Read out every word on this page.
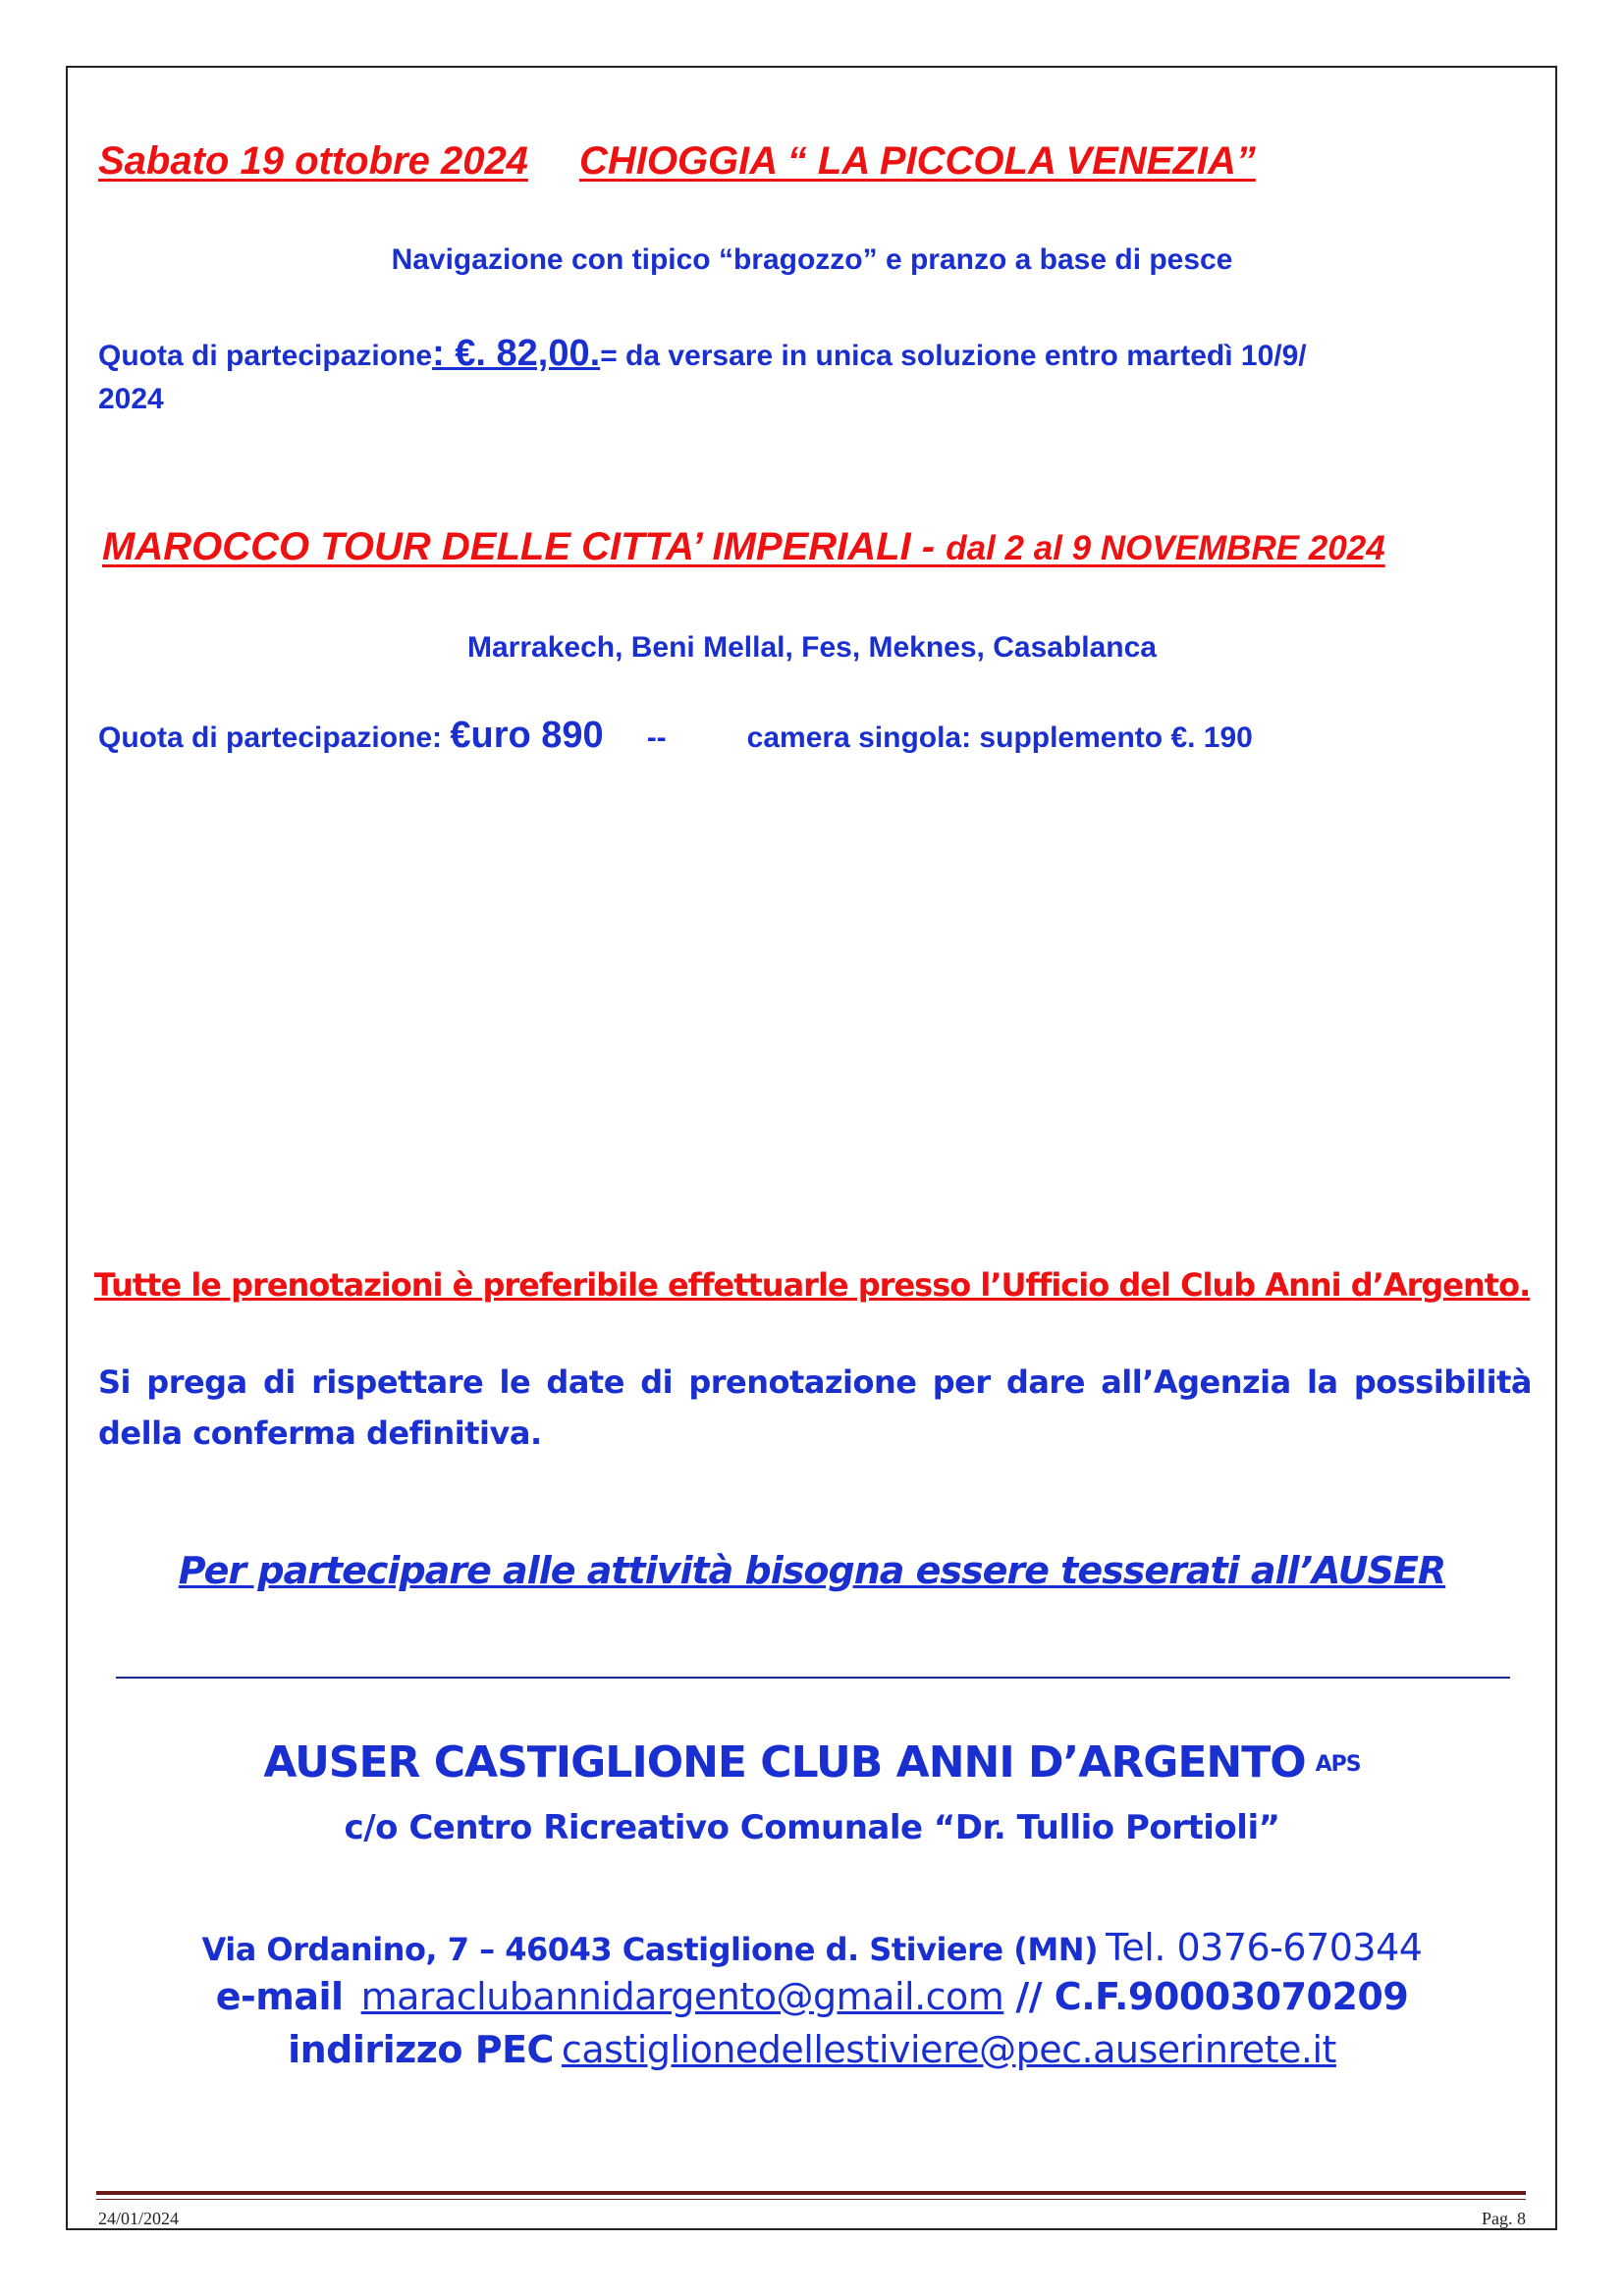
Sabato 19 ottobre 2024 CHIOGGIA “ LA PICCOLA VENEZIA”
Navigazione con tipico “bragozzo” e pranzo a base di pesce
Quota di partecipazione: €. 82,00.= da versare in unica soluzione entro martedì 10/9/
2024
MAROCCO TOUR DELLE CITTA’ IMPERIALI - dal 2 al 9 NOVEMBRE 2024
Marrakech, Beni Mellal, Fes, Meknes, Casablanca
Quota di partecipazione: €uro 890 --	camera singola: supplemento €. 190
Tutte le prenotazioni è preferibile effettuarle presso l’Ufficio del Club Anni d’Argento.
Si prega di rispettare le date di prenotazione per dare all’Agenzia la possibilità della conferma definitiva.
Per partecipare alle attività bisogna essere tesserati all’AUSER
AUSER CASTIGLIONE CLUB ANNI D’ARGENTO APS
c/o Centro Ricreativo Comunale “Dr. Tullio Portioli”
Via Ordanino, 7 – 46043 Castiglione d. Stiviere (MN) Tel. 0376-670344
e-mail maraclubannidargento@gmail.com // C.F.90003070209
indirizzo PEC castiglionedellestiviere@pec.auserinrete.it
24/01/2024	Pag. 8
